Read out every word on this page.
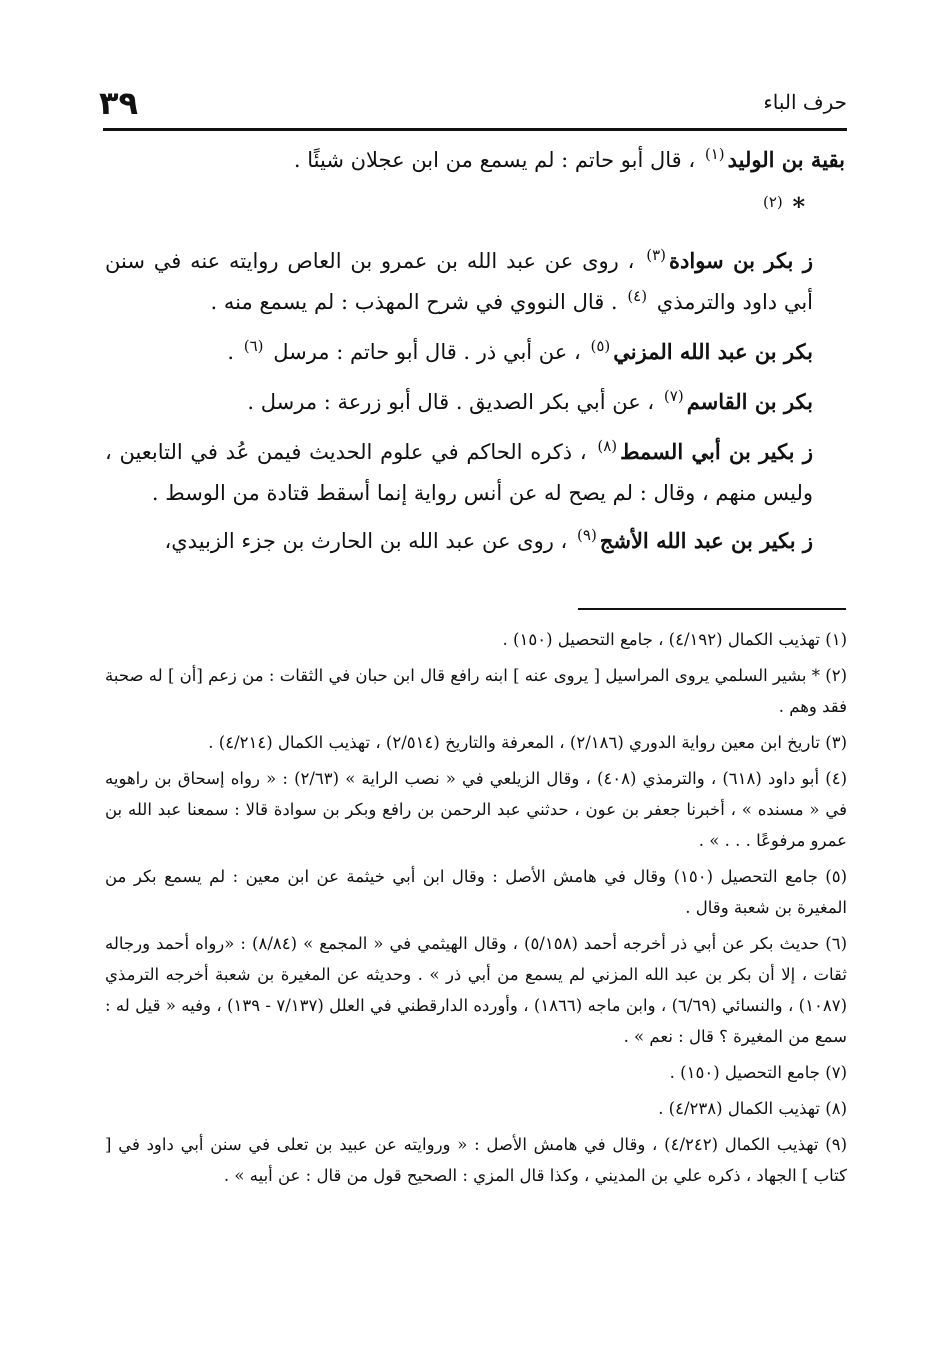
حرف الباء
٣٩

بقية بن الوليد$^{(١)}$ ، قال أبو حاتم : لم يسمع من ابن عجلان شيئًا .

* $^{(٢)}$

ز بكر بن سوادة$^{(٣)}$ ، روى عن عبد الله بن عمرو بن العاص روايته عنه في سنن أبي داود والترمذي $^{(٤)}$ . قال النووي في شرح المهذب : لم يسمع منه .

بكر بن عبد الله المزني$^{(٥)}$ ، عن أبي ذر . قال أبو حاتم : مرسل $^{(٦)}$ .

بكر بن القاسم$^{(٧)}$ ، عن أبي بكر الصديق . قال أبو زرعة : مرسل .

ز بكير بن أبي السمط$^{(٨)}$ ، ذكره الحاكم في علوم الحديث فيمن عُد في التابعين ، وليس منهم ، وقال : لم يصح له عن أنس رواية إنما أسقط قتادة من الوسط .

ز بكير بن عبد الله الأشج$^{(٩)}$ ، روى عن عبد الله بن الحارث بن جزء الزبيدي،

(١) تهذيب الكمال (٤/١٩٢) ، جامع التحصيل (١٥٠) .

(٢) * بشير السلمي يروى المراسيل [ يروى عنه ] ابنه رافع قال ابن حبان في الثقات : من زعم [أن ] له صحبة فقد وهم .

(٣) تاريخ ابن معين رواية الدوري (٢/١٨٦) ، المعرفة والتاريخ (٢/٥١٤) ، تهذيب الكمال (٤/٢١٤) .

(٤) أبو داود (٦١٨) ، والترمذي (٤٠٨) ، وقال الزيلعي في « نصب الراية » (٢/٦٣) : « رواه إسحاق بن راهويه في « مسنده » ، أخبرنا جعفر بن عون ، حدثني عبد الرحمن بن رافع وبكر بن سوادة قالا : سمعنا عبد الله بن عمرو مرفوعًا . . . » .

(٥) جامع التحصيل (١٥٠) وقال في هامش الأصل : وقال ابن أبي خيثمة عن ابن معين : لم يسمع بكر من المغيرة بن شعبة وقال .

(٦) حديث بكر عن أبي ذر أخرجه أحمد (٥/١٥٨) ، وقال الهيثمي في « المجمع » (٨/٨٤) : «رواه أحمد ورجاله ثقات ، إلا أن بكر بن عبد الله المزني لم يسمع من أبي ذر » . وحديثه عن المغيرة بن شعبة أخرجه الترمذي (١٠٨٧) ، والنسائي (٦/٦٩) ، وابن ماجه (١٨٦٦) ، وأورده الدارقطني في العلل (٧/١٣٧ - ١٣٩) ، وفيه « قيل له : سمع من المغيرة ؟ قال : نعم » .

(٧) جامع التحصيل (١٥٠) .

(٨) تهذيب الكمال (٤/٢٣٨) .

(٩) تهذيب الكمال (٤/٢٤٢) ، وقال في هامش الأصل : « وروايته عن عبيد بن تعلى في سنن أبي داود في [ كتاب ] الجهاد ، ذكره علي بن المديني ، وكذا قال المزي : الصحيح قول من قال : عن أبيه » .
